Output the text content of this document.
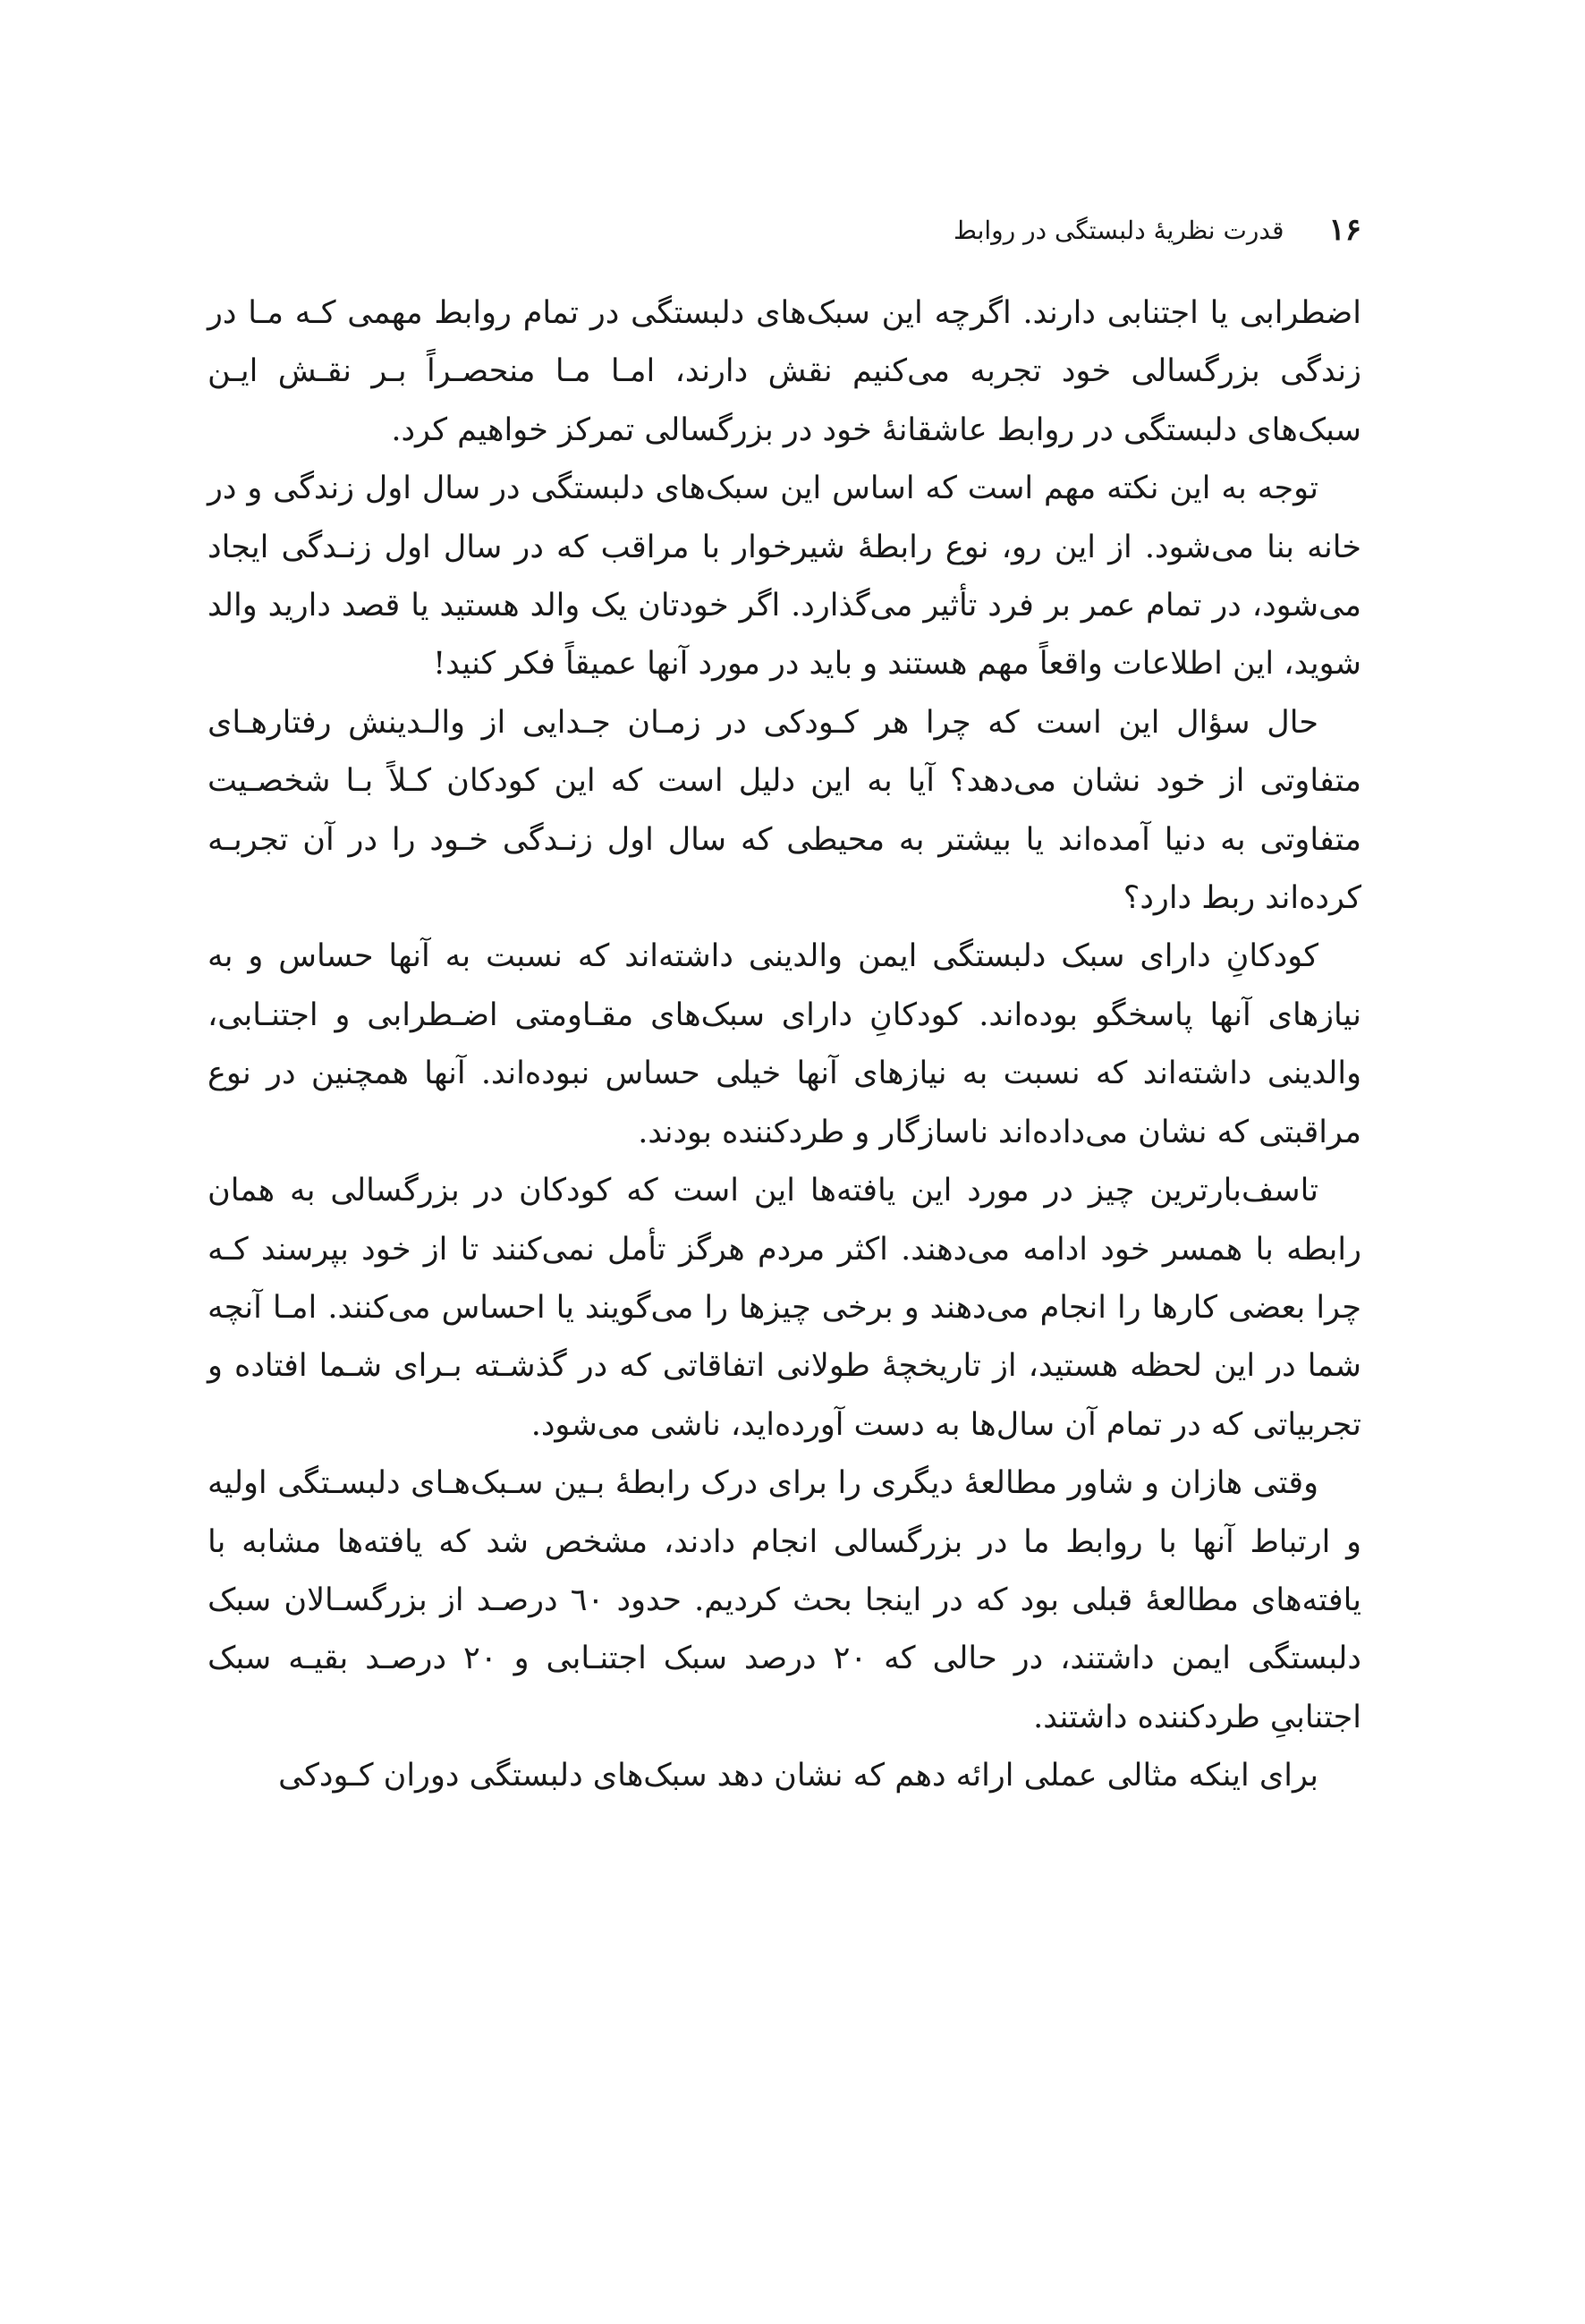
۱۶
قدرت نظریهٔ دلبستگی در روابط

اضطرابی یا اجتنابی دارند. اگرچه این سبک‌های دلبستگی در تمام روابط مهمی کـه مـا در زندگی بزرگسالی خود تجربه می‌کنیم نقش دارند، امـا مـا منحصـراً بـر نقـش ایـن سبک‌های دلبستگی در روابط عاشقانهٔ خود در بزرگسالی تمرکز خواهیم کرد.

توجه به این نکته مهم است که اساس این سبک‌های دلبستگی در سال اول زندگی و در خانه بنا می‌شود. از این رو، نوع رابطهٔ شیرخوار با مراقب که در سال اول زنـدگی ایجاد می‌شود، در تمام عمر بر فرد تأثیر می‌گذارد. اگر خودتان یک والد هستید یا قصد دارید والد شوید، این اطلاعات واقعاً مهم هستند و باید در مورد آنها عمیقاً فکر کنید!

حال سؤال این است که چرا هر کـودکی در زمـان جـدایی از والـدینش رفتارهـای متفاوتی از خود نشان می‌دهد؟ آیا به این دلیل است که این کودکان کـلاً بـا شخصـیت متفاوتی به دنیا آمده‌اند یا بیشتر به محیطی که سال اول زنـدگی خـود را در آن تجربـه کرده‌اند ربط دارد؟

کودکانِ دارای سبک دلبستگی ایمن والدینی داشته‌اند که نسبت به آنها حساس و به نیازهای آنها پاسخگو بوده‌اند. کودکانِ دارای سبک‌های مقـاومتی اضـطرابی و اجتنـابی، والدینی داشته‌اند که نسبت به نیازهای آنها خیلی حساس نبوده‌اند. آنها همچنین در نوع مراقبتی که نشان می‌داده‌اند ناسازگار و طردکننده بودند.

تاسف‌بارترین چیز در مورد این یافته‌ها این است که کودکان در بزرگسالی به همان رابطه با همسر خود ادامه می‌دهند. اکثر مردم هرگز تأمل نمی‌کنند تا از خود بپرسند کـه چرا بعضی کارها را انجام می‌دهند و برخی چیزها را می‌گویند یا احساس می‌کنند. امـا آنچه شما در این لحظه هستید، از تاریخچهٔ طولانی اتفاقاتی که در گذشـته بـرای شـما افتاده و تجربیاتی که در تمام آن سال‌ها به دست آورده‌اید، ناشی می‌شود.

وقتی هازان و شاور مطالعهٔ دیگری را برای درک رابطهٔ بـین سـبک‌هـای دلبسـتگی اولیه و ارتباط آنها با روابط ما در بزرگسالی انجام دادند، مشخص شد که یافته‌ها مشابه با یافته‌های مطالعهٔ قبلی بود که در اینجا بحث کردیم. حدود ٦٠ درصـد از بزرگسـالان سبک دلبستگی ایمن داشتند، در حالی که ٢٠ درصد سبک اجتنـابی و ٢٠ درصـد بقیـه سبک اجتنابیِ طردکننده داشتند.

برای اینکه مثالی عملی ارائه دهم که نشان دهد سبک‌های دلبستگی دوران کـودکی
